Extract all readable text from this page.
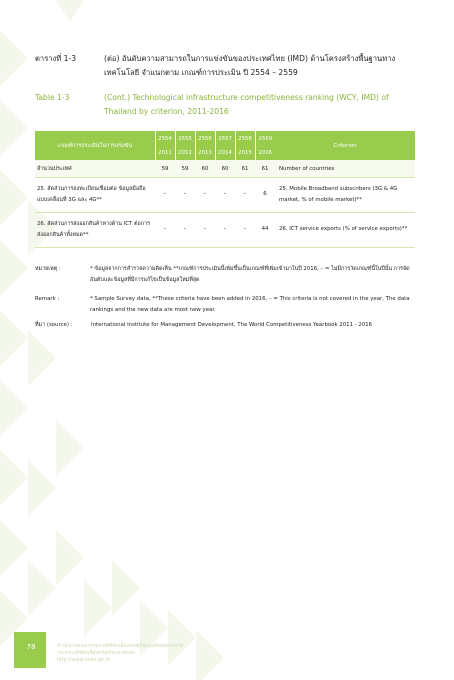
ตารางที่ 1-3	(ต่อ) อันดับความสามารถในการแข่งขันของประเทศไทย (IMD) ด้านโครงสร้างพื้นฐานทางเทคโนโลยี จำแนกตาม เกณฑ์การประเมิน ปี 2554 – 2559
Table 1-3	(Cont.) Technological infrastructure competitiveness ranking (WCY, IMD) of Thailand by criterion, 2011-2016
เกณฑ์การประเมินในการแข่งขัน	2554	2555	2556	2557	2558	2559	Criterion
	2011	2012	2013	2014	2015	2016	
จำนวนประเทศ	59	59	60	60	61	61	Number of countries
25. สัดส่วนการลงทะเบียนเชื่อมต่อ ข้อมูลมือถือ แบบเคลื่อนที่ 3G และ 4G**	–	–	–	–	–	6	25. Mobile Broadband subscribers (3G & 4G market, % of mobile market)**
26. สัดส่วนการส่งออกสินค้าทางด้าน ICT ต่อการส่งออกสินค้าทั้งหมด**	–	–	–	–	–	44	26. ICT service exports (% of service exports)**
หมายเหตุ :	* ข้อมูลจากการสำรวจความคิดเห็น **เกณฑ์การประเมินนี้เพิ่มขึ้นเป็นเกณฑ์ที่เพิ่มเข้ามาในปี 2016, – = ไม่มีการวัดเกณฑ์นี้ในปีนั้น การจัดอันดับและข้อมูลที่มีการแก้ไขเป็นข้อมูลใหม่ที่สุด
Remark :	* Sample Survey data, **These criteria have been added in 2016, – = This criteria is not covered in the year, The data rankings and the new data are most new year.
ที่มา (source) :	International Institute for Management Development, The World Competitiveness Yearbook 2011 - 2016
78	สำนักงานคณะกรรมการดิจิทัลเพื่อเศรษฐกิจและสังคมแห่งชาติ
กระทรวงดิจิทัลเพื่อเศรษฐกิจและสังคม
http://www.onde.go.th
